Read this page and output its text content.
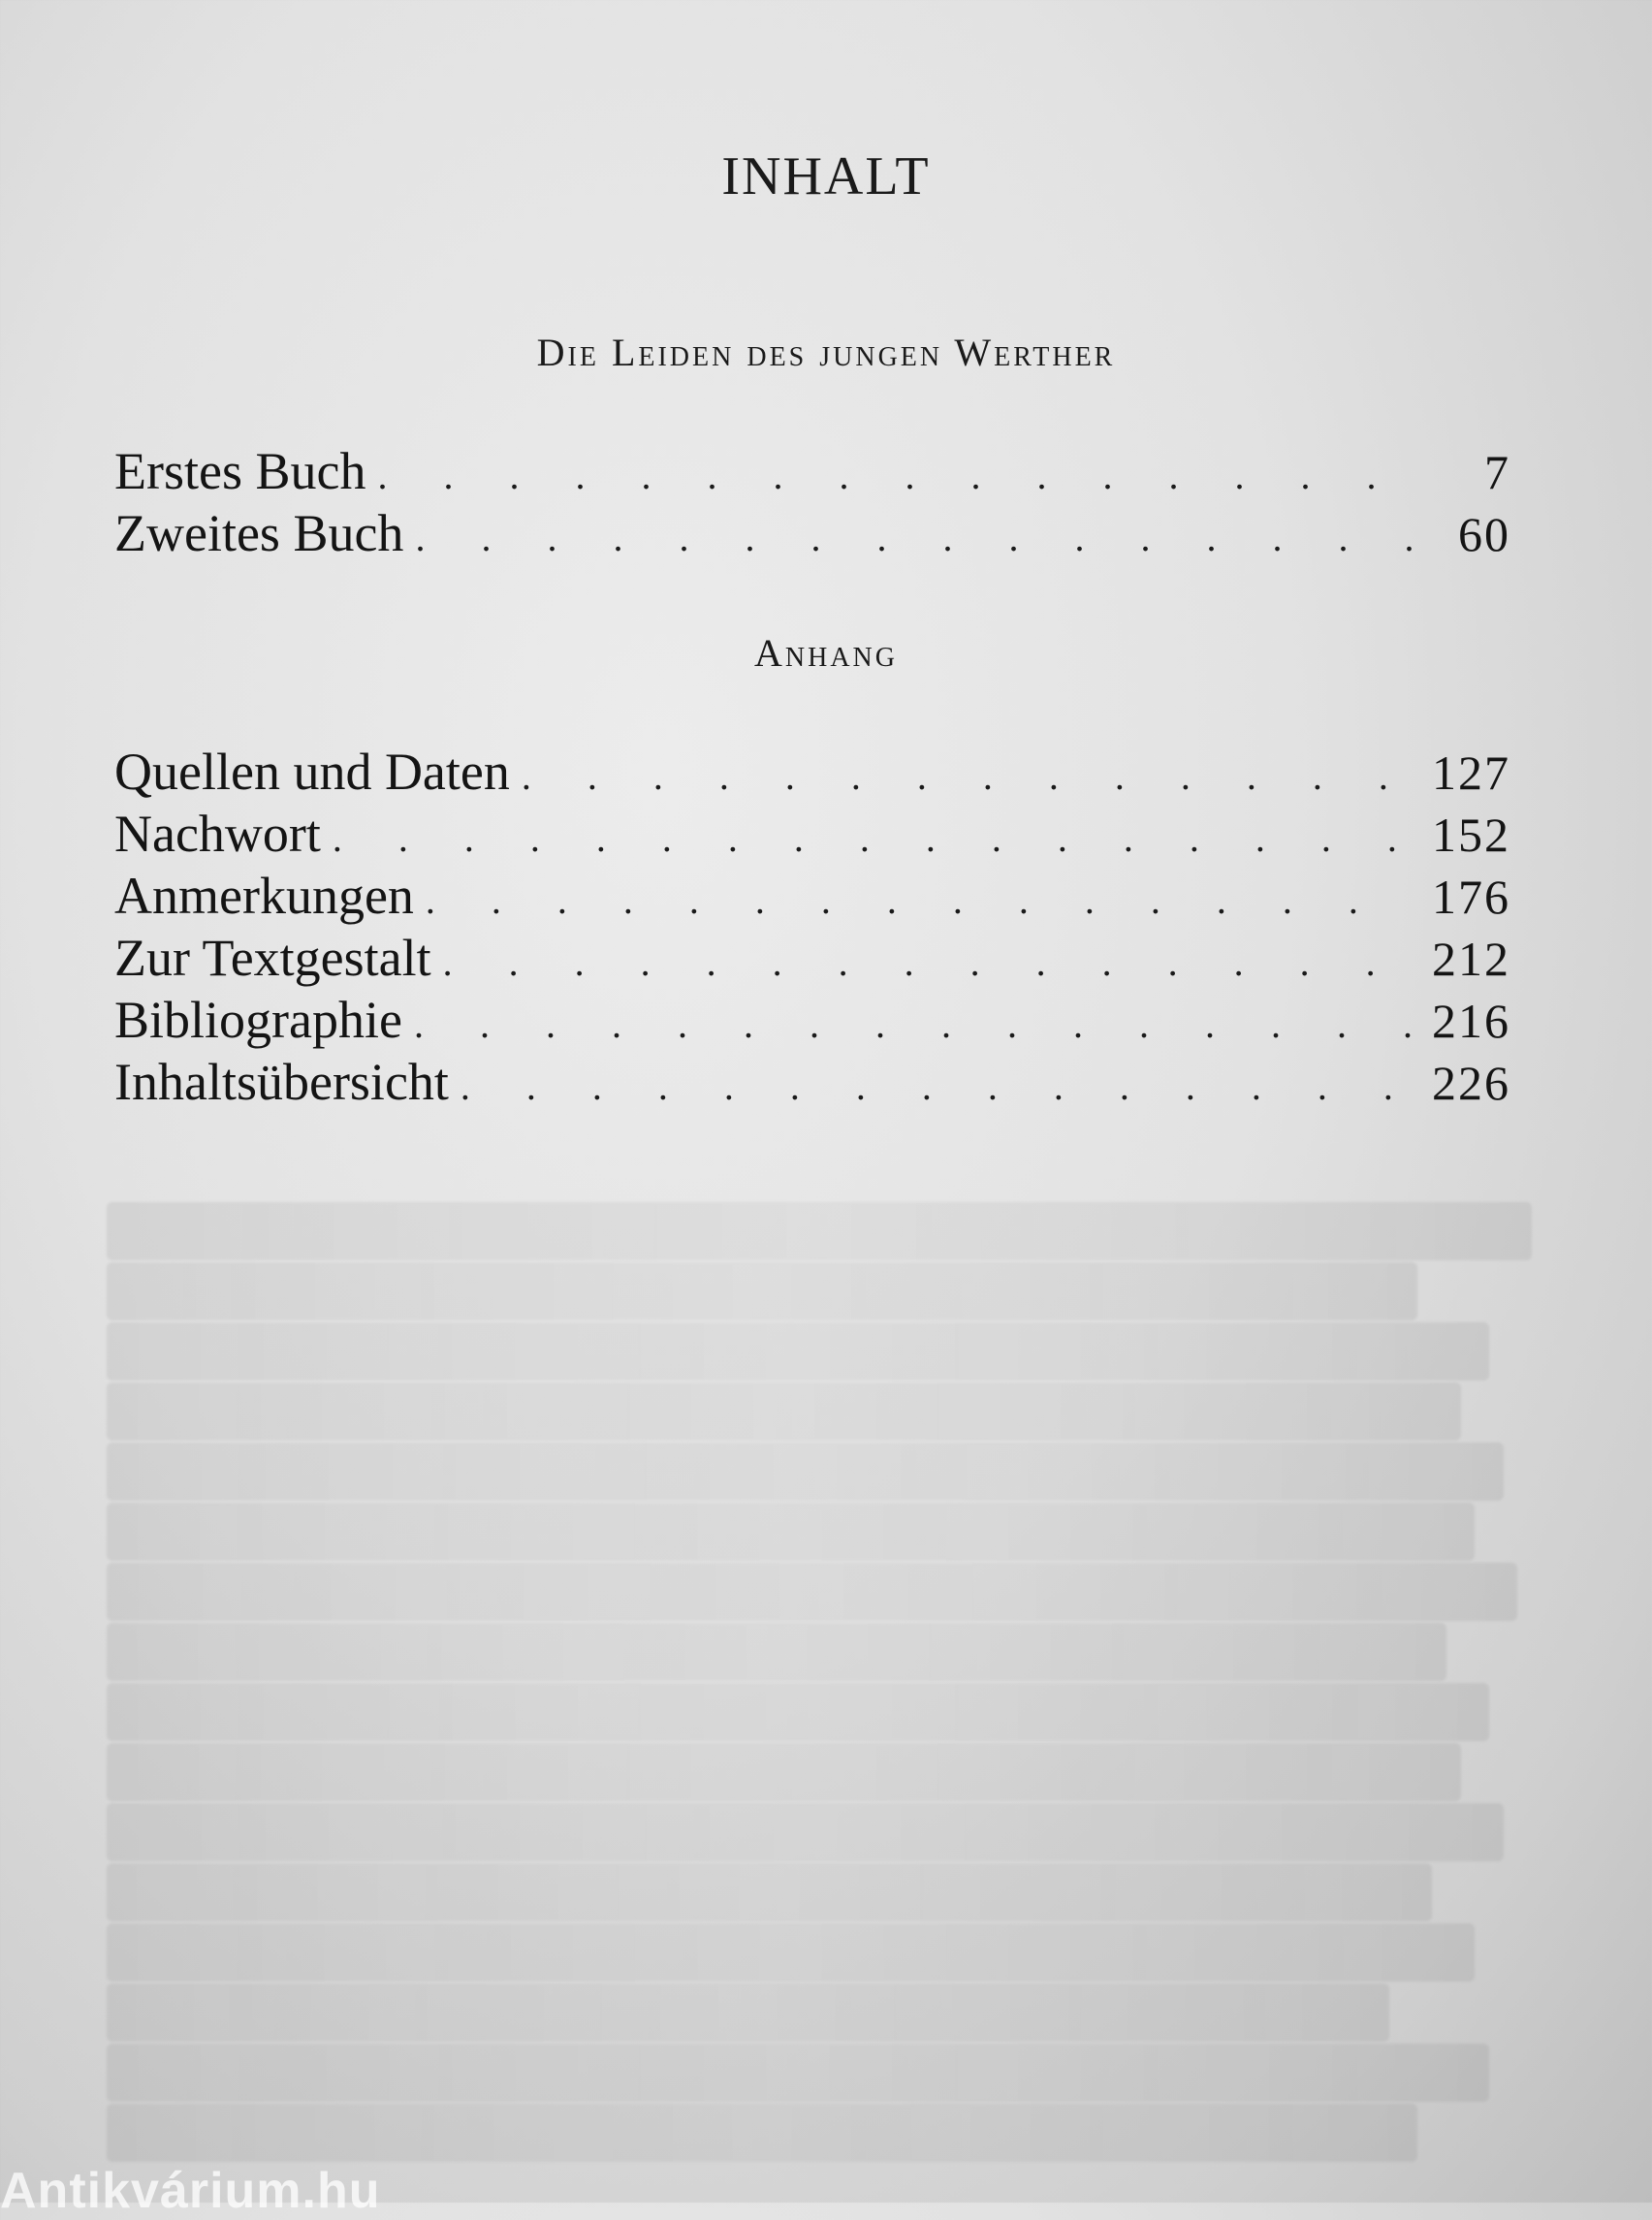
INHALT
Die Leiden des jungen Werther
Erstes Buch . . .	7
Zweites Buch . . .	60
Anhang
Quellen und Daten . . .	127
Nachwort . . .	152
Anmerkungen . . .	176
Zur Textgestalt . . .	212
Bibliographie . . .	216
Inhaltsübersicht . . .	226
Antikvárium.hu
